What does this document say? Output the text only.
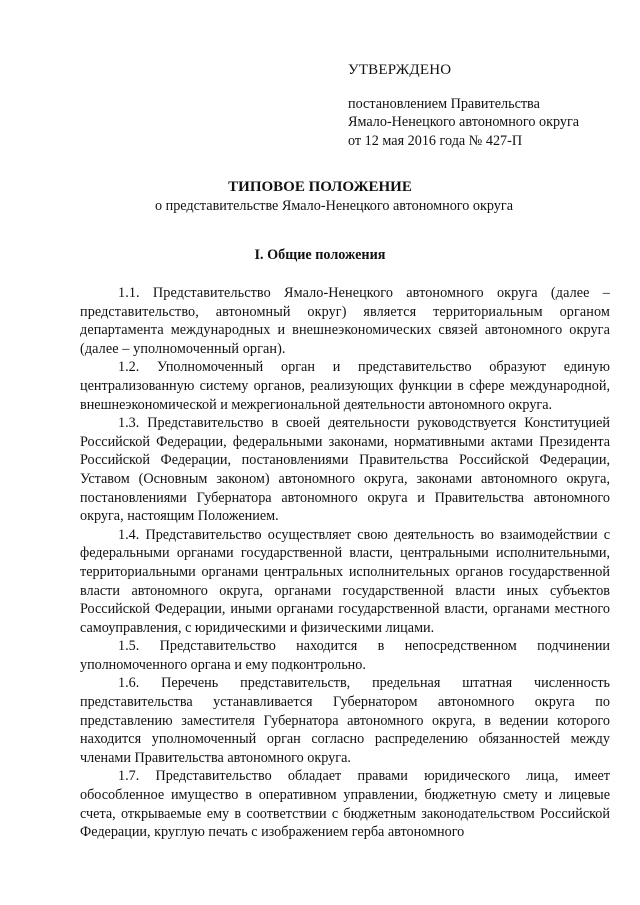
УТВЕРЖДЕНО
постановлением Правительства
Ямало-Ненецкого автономного округа
от 12 мая 2016 года № 427-П
ТИПОВОЕ ПОЛОЖЕНИЕ
о представительстве Ямало-Ненецкого автономного округа
I. Общие положения

1.1. Представительство Ямало-Ненецкого автономного округа (далее – представительство, автономный округ) является территориальным органом департамента международных и внешнеэкономических связей автономного округа (далее – уполномоченный орган).

1.2. Уполномоченный орган и представительство образуют единую централизованную систему органов, реализующих функции в сфере международной, внешнеэкономической и межрегиональной деятельности автономного округа.

1.3. Представительство в своей деятельности руководствуется Конституцией Российской Федерации, федеральными законами, нормативными актами Президента Российской Федерации, постановлениями Правительства Российской Федерации, Уставом (Основным законом) автономного округа, законами автономного округа, постановлениями Губернатора автономного округа и Правительства автономного округа, настоящим Положением.

1.4. Представительство осуществляет свою деятельность во взаимодействии с федеральными органами государственной власти, центральными исполнительными, территориальными органами центральных исполнительных органов государственной власти автономного округа, органами государственной власти иных субъектов Российской Федерации, иными органами государственной власти, органами местного самоуправления, с юридическими и физическими лицами.

1.5. Представительство находится в непосредственном подчинении уполномоченного органа и ему подконтрольно.

1.6. Перечень представительств, предельная штатная численность представительства устанавливается Губернатором автономного округа по представлению заместителя Губернатора автономного округа, в ведении которого находится уполномоченный орган согласно распределению обязанностей между членами Правительства автономного округа.

1.7. Представительство обладает правами юридического лица, имеет обособленное имущество в оперативном управлении, бюджетную смету и лицевые счета, открываемые ему в соответствии с бюджетным законодательством Российской Федерации, круглую печать с изображением герба автономного
